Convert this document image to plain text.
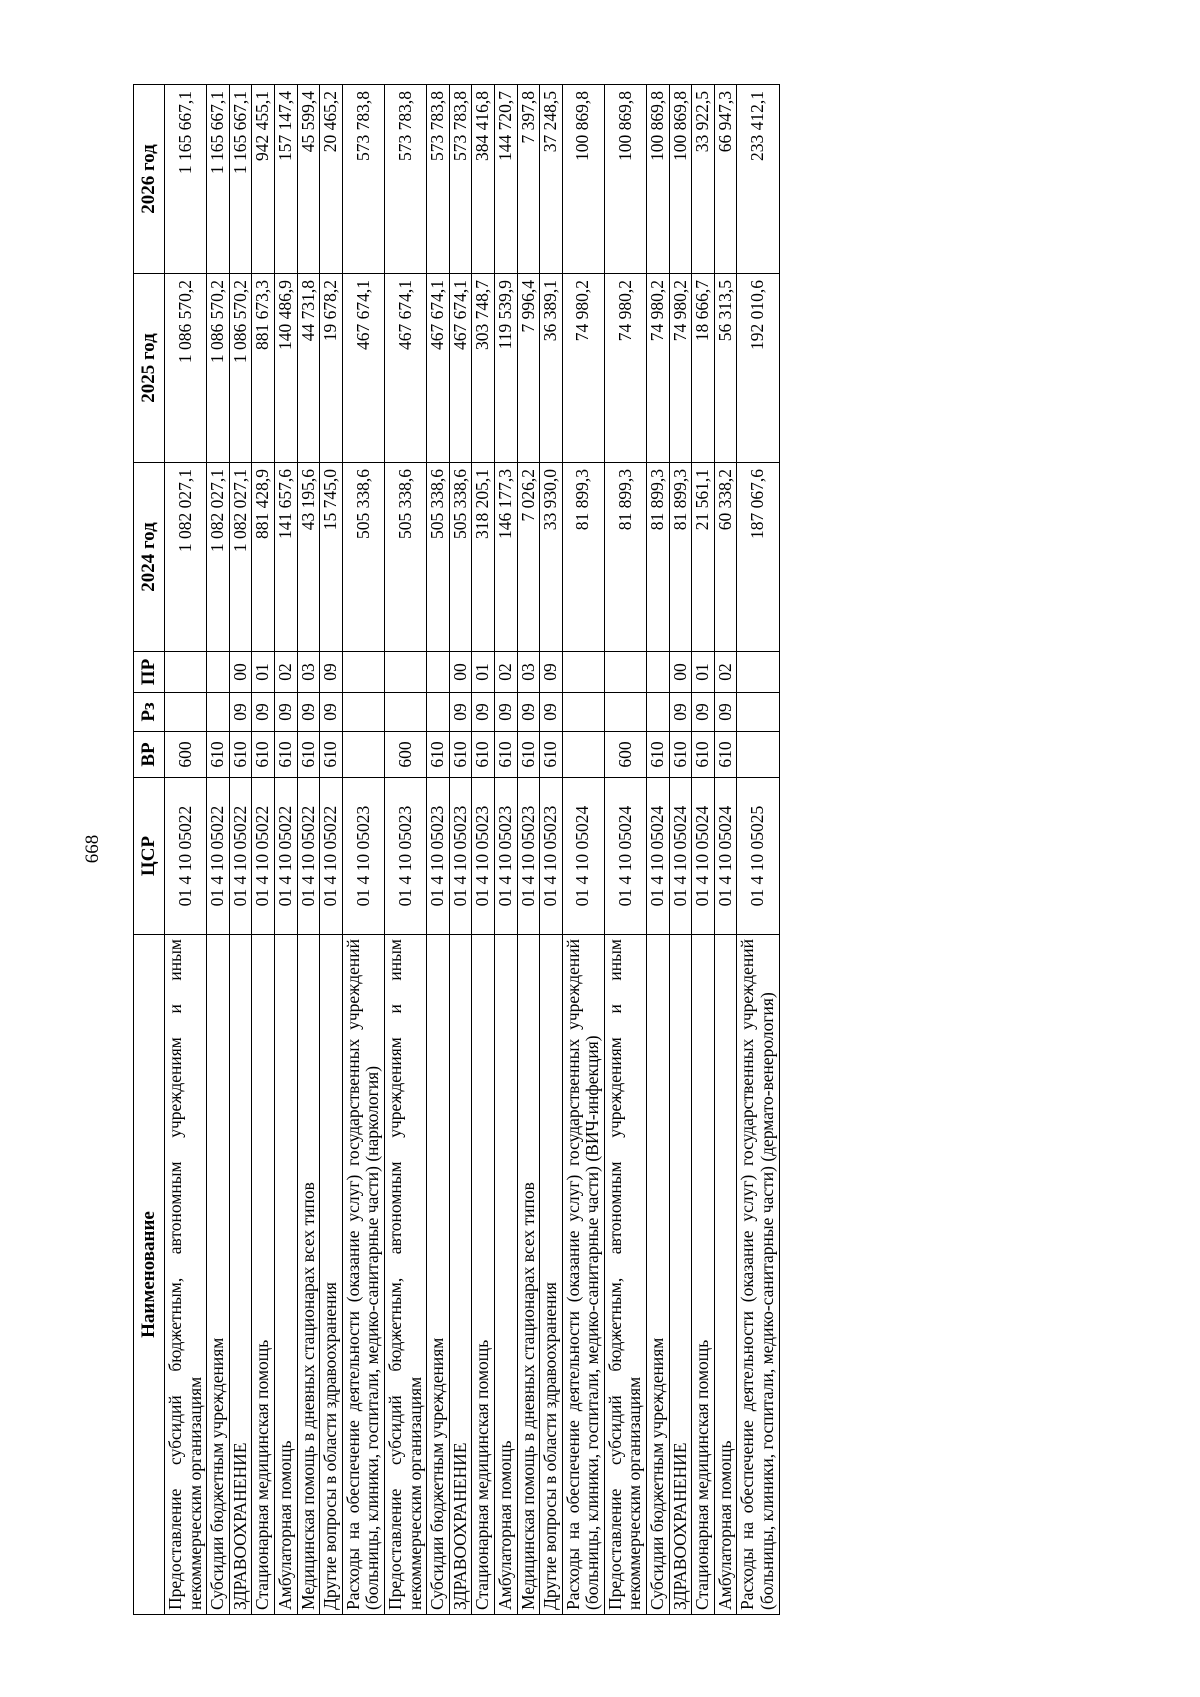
668
Наименование	ЦСР	ВР	Рз	ПР	2024 год	2025 год	2026 год
Предоставление субсидий бюджетным, автономным учреждениям и иным некоммерческим организациям	01 4 10 05022	600			1 082 027,1	1 086 570,2	1 165 667,1
Субсидии бюджетным учреждениям	01 4 10 05022	610			1 082 027,1	1 086 570,2	1 165 667,1
ЗДРАВООХРАНЕНИЕ	01 4 10 05022	610	09	00	1 082 027,1	1 086 570,2	1 165 667,1
Стационарная медицинская помощь	01 4 10 05022	610	09	01	881 428,9	881 673,3	942 455,1
Амбулаторная помощь	01 4 10 05022	610	09	02	141 657,6	140 486,9	157 147,4
Медицинская помощь в дневных стационарах всех типов	01 4 10 05022	610	09	03	43 195,6	44 731,8	45 599,4
Другие вопросы в области здравоохранения	01 4 10 05022	610	09	09	15 745,0	19 678,2	20 465,2
Расходы на обеспечение деятельности (оказание услуг) государственных учреждений (больницы, клиники, госпитали, медико-санитарные части) (наркология)	01 4 10 05023				505 338,6	467 674,1	573 783,8
Предоставление субсидий бюджетным, автономным учреждениям и иным некоммерческим организациям	01 4 10 05023	600			505 338,6	467 674,1	573 783,8
Субсидии бюджетным учреждениям	01 4 10 05023	610			505 338,6	467 674,1	573 783,8
ЗДРАВООХРАНЕНИЕ	01 4 10 05023	610	09	00	505 338,6	467 674,1	573 783,8
Стационарная медицинская помощь	01 4 10 05023	610	09	01	318 205,1	303 748,7	384 416,8
Амбулаторная помощь	01 4 10 05023	610	09	02	146 177,3	119 539,9	144 720,7
Медицинская помощь в дневных стационарах всех типов	01 4 10 05023	610	09	03	7 026,2	7 996,4	7 397,8
Другие вопросы в области здравоохранения	01 4 10 05023	610	09	09	33 930,0	36 389,1	37 248,5
Расходы на обеспечение деятельности (оказание услуг) государственных учреждений (больницы, клиники, госпитали, медико-санитарные части) (ВИЧ-инфекция)	01 4 10 05024				81 899,3	74 980,2	100 869,8
Предоставление субсидий бюджетным, автономным учреждениям и иным некоммерческим организациям	01 4 10 05024	600			81 899,3	74 980,2	100 869,8
Субсидии бюджетным учреждениям	01 4 10 05024	610			81 899,3	74 980,2	100 869,8
ЗДРАВООХРАНЕНИЕ	01 4 10 05024	610	09	00	81 899,3	74 980,2	100 869,8
Стационарная медицинская помощь	01 4 10 05024	610	09	01	21 561,1	18 666,7	33 922,5
Амбулаторная помощь	01 4 10 05024	610	09	02	60 338,2	56 313,5	66 947,3
Расходы на обеспечение деятельности (оказание услуг) государственных учреждений (больницы, клиники, госпитали, медико-санитарные части) (дермато-венерология)	01 4 10 05025				187 067,6	192 010,6	233 412,1
